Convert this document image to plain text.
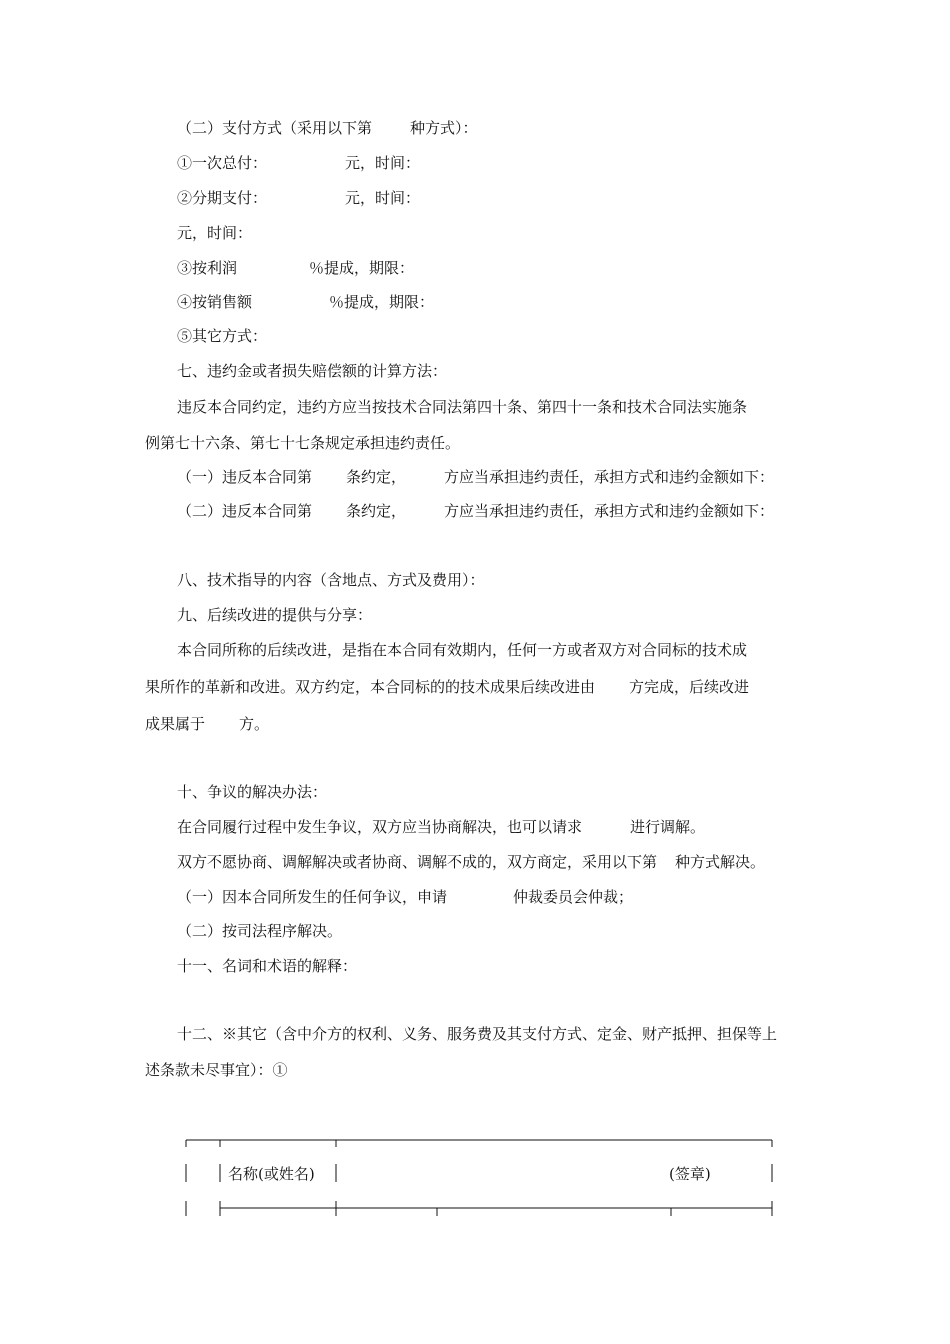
（二）支付方式（采用以下第	种方式）：
①一次总付：	元，时间：
②分期支付：	元，时间：
元，时间：
③按利润	％提成，期限：
④按销售额	％提成，期限：
⑤其它方式：
七、违约金或者损失赔偿额的计算方法：
违反本合同约定，违约方应当按技术合同法第四十条、第四十一条和技术合同法实施条
例第七十六条、第七十七条规定承担违约责任。
（一）违反本合同第 条约定，	方应当承担违约责任，承担方式和违约金额如下：
（二）违反本合同第 条约定，	方应当承担违约责任，承担方式和违约金额如下：
八、技术指导的内容（含地点、方式及费用）：
九、后续改进的提供与分享：
本合同所称的后续改进，是指在本合同有效期内，任何一方或者双方对合同标的技术成
果所作的革新和改进。双方约定，本合同标的的技术成果后续改进由 方完成，后续改进
成果属于 方。
十、争议的解决办法：
在合同履行过程中发生争议，双方应当协商解决，也可以请求	进行调解。
双方不愿协商、调解解决或者协商、调解不成的，双方商定，采用以下第 种方式解决。
（一）因本合同所发生的任何争议，申请	仲裁委员会仲裁；
（二）按司法程序解决。
十一、名词和术语的解释：
十二、※其它（含中介方的权利、义务、服务费及其支付方式、定金、财产抵押、担保等上
述条款未尽事宜）：①
名称(或姓名)	(签章)
